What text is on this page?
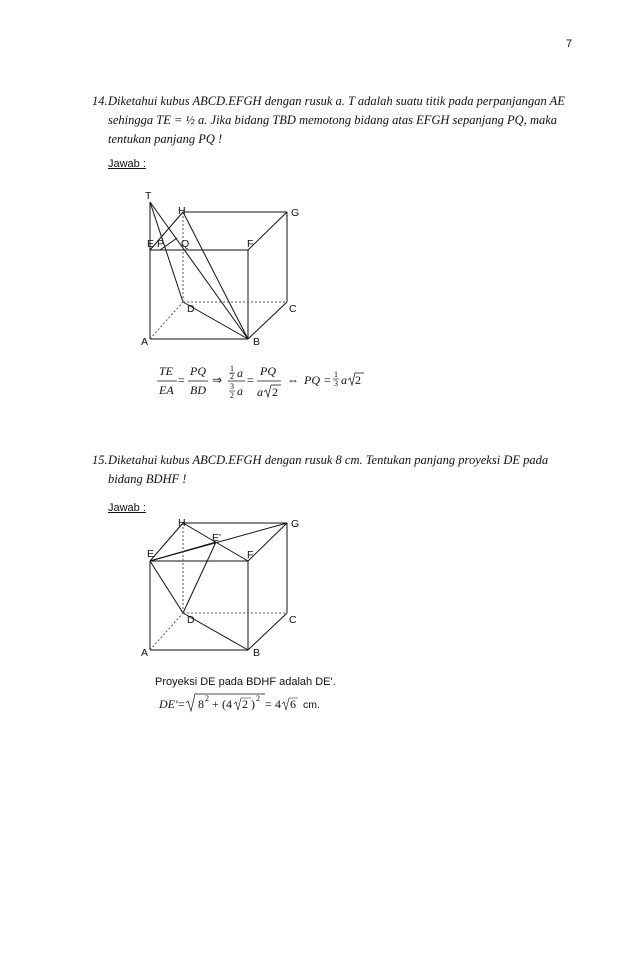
7
14. Diketahui kubus ABCD.EFGH dengan rusuk a. T adalah suatu titik pada perpanjangan AE sehingga TE = ½ a. Jika bidang TBD memotong bidang atas EFGH sepanjang PQ, maka tentukan panjang PQ !
Jawab :
T
H	G
E P Q	F
D	C
A	B
TE
EA
=
PQ
BD
⇒
1
2 a
3
2 a
=
PQ
a 2
⇔ PQ = 1
3 a 2
15. Diketahui kubus ABCD.EFGH dengan rusuk 8 cm. Tentukan panjang proyeksi DE pada bidang BDHF !
Jawab :
H	G
E'
E	F
D	C
A	B
DE' = 8 2 + (4 2 ) 2 = 4 6 cm.
Proyeksi DE pada BDHF adalah DE'.
